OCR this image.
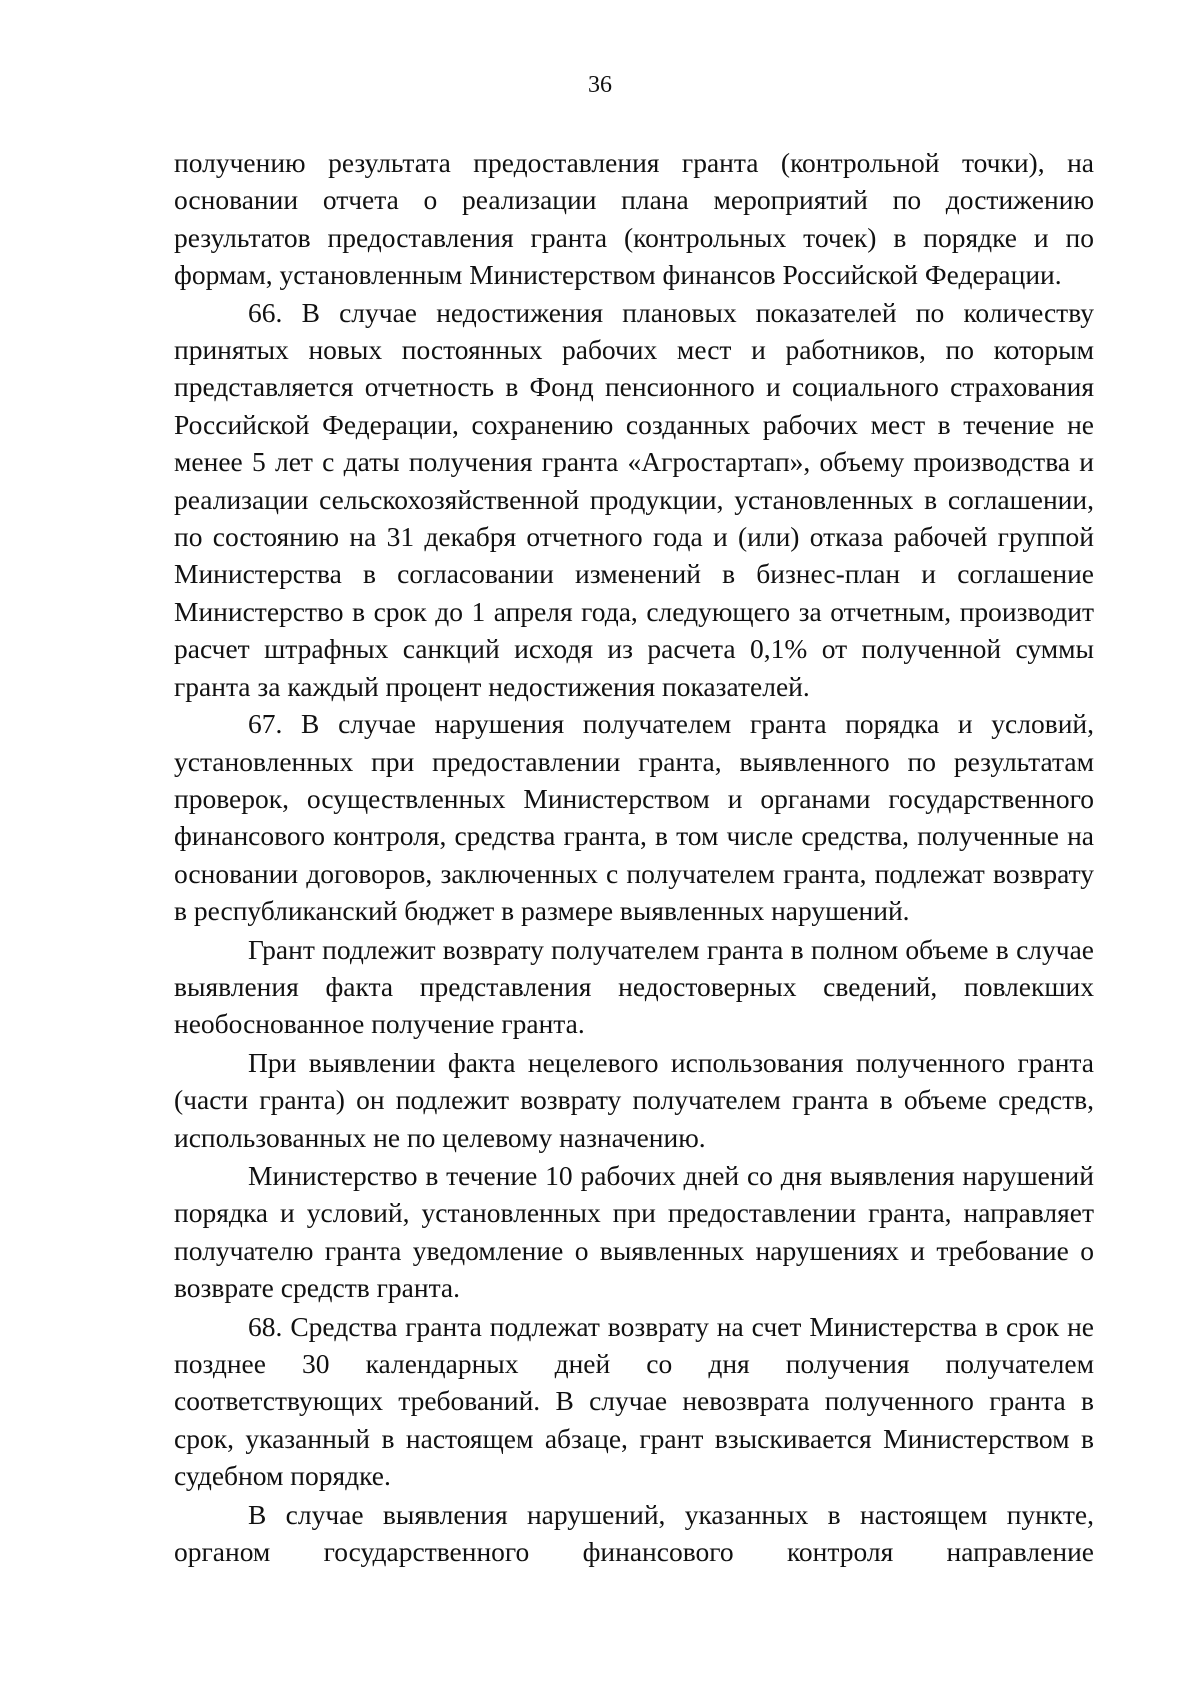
36

получению результата предоставления гранта (контрольной точки), на основании отчета о реализации плана мероприятий по достижению результатов предоставления гранта (контрольных точек) в порядке и по формам, установленным Министерством финансов Российской Федерации.

66. В случае недостижения плановых показателей по количеству принятых новых постоянных рабочих мест и работников, по которым представляется отчетность в Фонд пенсионного и социального страхования Российской Федерации, сохранению созданных рабочих мест в течение не менее 5 лет с даты получения гранта «Агростартап», объему производства и реализации сельскохозяйственной продукции, установленных в соглашении, по состоянию на 31 декабря отчетного года и (или) отказа рабочей группой Министерства в согласовании изменений в бизнес-план и соглашение Министерство в срок до 1 апреля года, следующего за отчетным, производит расчет штрафных санкций исходя из расчета 0,1% от полученной суммы гранта за каждый процент недостижения показателей.

67. В случае нарушения получателем гранта порядка и условий, установленных при предоставлении гранта, выявленного по результатам проверок, осуществленных Министерством и органами государственного финансового контроля, средства гранта, в том числе средства, полученные на основании договоров, заключенных с получателем гранта, подлежат возврату в республиканский бюджет в размере выявленных нарушений.

Грант подлежит возврату получателем гранта в полном объеме в случае выявления факта представления недостоверных сведений, повлекших необоснованное получение гранта.

При выявлении факта нецелевого использования полученного гранта (части гранта) он подлежит возврату получателем гранта в объеме средств, использованных не по целевому назначению.

Министерство в течение 10 рабочих дней со дня выявления нарушений порядка и условий, установленных при предоставлении гранта, направляет получателю гранта уведомление о выявленных нарушениях и требование о возврате средств гранта.

68. Средства гранта подлежат возврату на счет Министерства в срок не позднее 30 календарных дней со дня получения получателем соответствующих требований. В случае невозврата полученного гранта в срок, указанный в настоящем абзаце, грант взыскивается Министерством в судебном порядке.

В случае выявления нарушений, указанных в настоящем пункте, органом государственного финансового контроля направление
